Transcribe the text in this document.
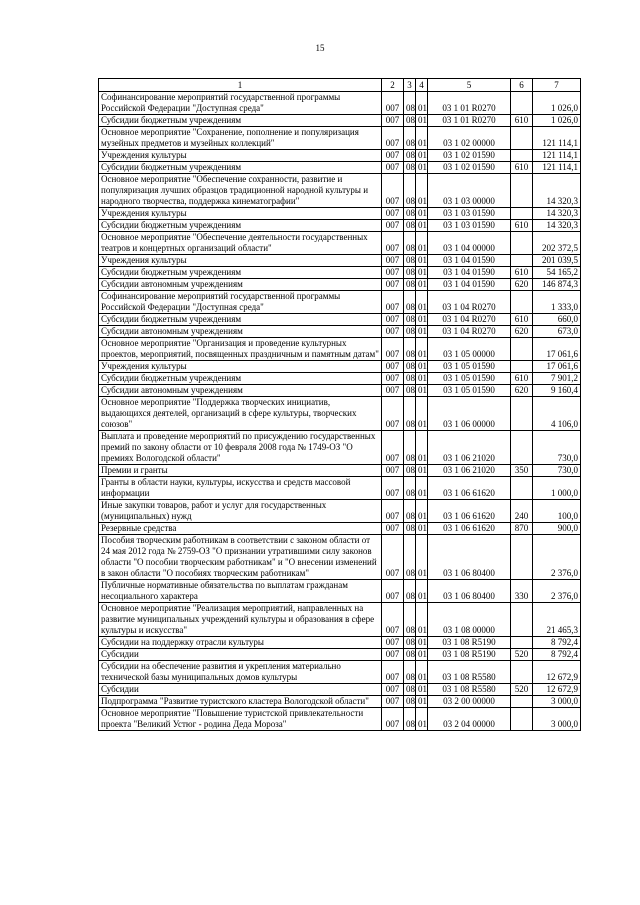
15
1	2	3	4	5	6	7
Софинансирование мероприятий государственной программы Российской Федерации "Доступная среда"	007	08	01	03 1 01 R0270		1 026,0
Субсидии бюджетным учреждениям	007	08	01	03 1 01 R0270	610	1 026,0
Основное мероприятие "Сохранение, пополнение и популяризация музейных предметов и музейных коллекций"	007	08	01	03 1 02 00000		121 114,1
Учреждения культуры	007	08	01	03 1 02 01590		121 114,1
Субсидии бюджетным учреждениям	007	08	01	03 1 02 01590	610	121 114,1
Основное мероприятие "Обеспечение сохранности, развитие и популяризация лучших образцов традиционной народной культуры и народного творчества, поддержка кинематографии"	007	08	01	03 1 03 00000		14 320,3
Учреждения культуры	007	08	01	03 1 03 01590		14 320,3
Субсидии бюджетным учреждениям	007	08	01	03 1 03 01590	610	14 320,3
Основное мероприятие "Обеспечение деятельности государственных театров и концертных организаций области"	007	08	01	03 1 04 00000		202 372,5
Учреждения культуры	007	08	01	03 1 04 01590		201 039,5
Субсидии бюджетным учреждениям	007	08	01	03 1 04 01590	610	54 165,2
Субсидии автономным учреждениям	007	08	01	03 1 04 01590	620	146 874,3
Софинансирование мероприятий государственной программы Российской Федерации "Доступная среда"	007	08	01	03 1 04 R0270		1 333,0
Субсидии бюджетным учреждениям	007	08	01	03 1 04 R0270	610	660,0
Субсидии автономным учреждениям	007	08	01	03 1 04 R0270	620	673,0
Основное мероприятие "Организация и проведение культурных проектов, мероприятий, посвященных праздничным и памятным датам"	007	08	01	03 1 05 00000		17 061,6
Учреждения культуры	007	08	01	03 1 05 01590		17 061,6
Субсидии бюджетным учреждениям	007	08	01	03 1 05 01590	610	7 901,2
Субсидии автономным учреждениям	007	08	01	03 1 05 01590	620	9 160,4
Основное мероприятие "Поддержка творческих инициатив, выдающихся деятелей, организаций в сфере культуры, творческих союзов"	007	08	01	03 1 06 00000		4 106,0
Выплата и проведение мероприятий по присуждению государственных премий по закону области от 10 февраля 2008 года № 1749-ОЗ "О премиях Вологодской области"	007	08	01	03 1 06 21020		730,0
Премии и гранты	007	08	01	03 1 06 21020	350	730,0
Гранты в области науки, культуры, искусства и средств массовой информации	007	08	01	03 1 06 61620		1 000,0
Иные закупки товаров, работ и услуг для государственных (муниципальных) нужд	007	08	01	03 1 06 61620	240	100,0
Резервные средства	007	08	01	03 1 06 61620	870	900,0
Пособия творческим работникам в соответствии с законом области от 24 мая 2012 года № 2759-ОЗ "О признании утратившими силу законов области "О пособии творческим работникам" и "О внесении изменений в закон области "О пособиях творческим работникам"	007	08	01	03 1 06 80400		2 376,0
Публичные нормативные обязательства по выплатам гражданам несоциального характера	007	08	01	03 1 06 80400	330	2 376,0
Основное мероприятие "Реализация мероприятий, направленных на развитие муниципальных учреждений культуры и образования в сфере культуры и искусства"	007	08	01	03 1 08 00000		21 465,3
Субсидии на поддержку отрасли культуры	007	08	01	03 1 08 R5190		8 792,4
Субсидии	007	08	01	03 1 08 R5190	520	8 792,4
Субсидии на обеспечение развития и укрепления материально технической базы муниципальных домов культуры	007	08	01	03 1 08 R5580		12 672,9
Субсидии	007	08	01	03 1 08 R5580	520	12 672,9
Подпрограмма "Развитие туристского кластера Вологодской области"	007	08	01	03 2 00 00000		3 000,0
Основное мероприятие "Повышение туристской привлекательности проекта "Великий Устюг - родина Деда Мороза"	007	08	01	03 2 04 00000		3 000,0
